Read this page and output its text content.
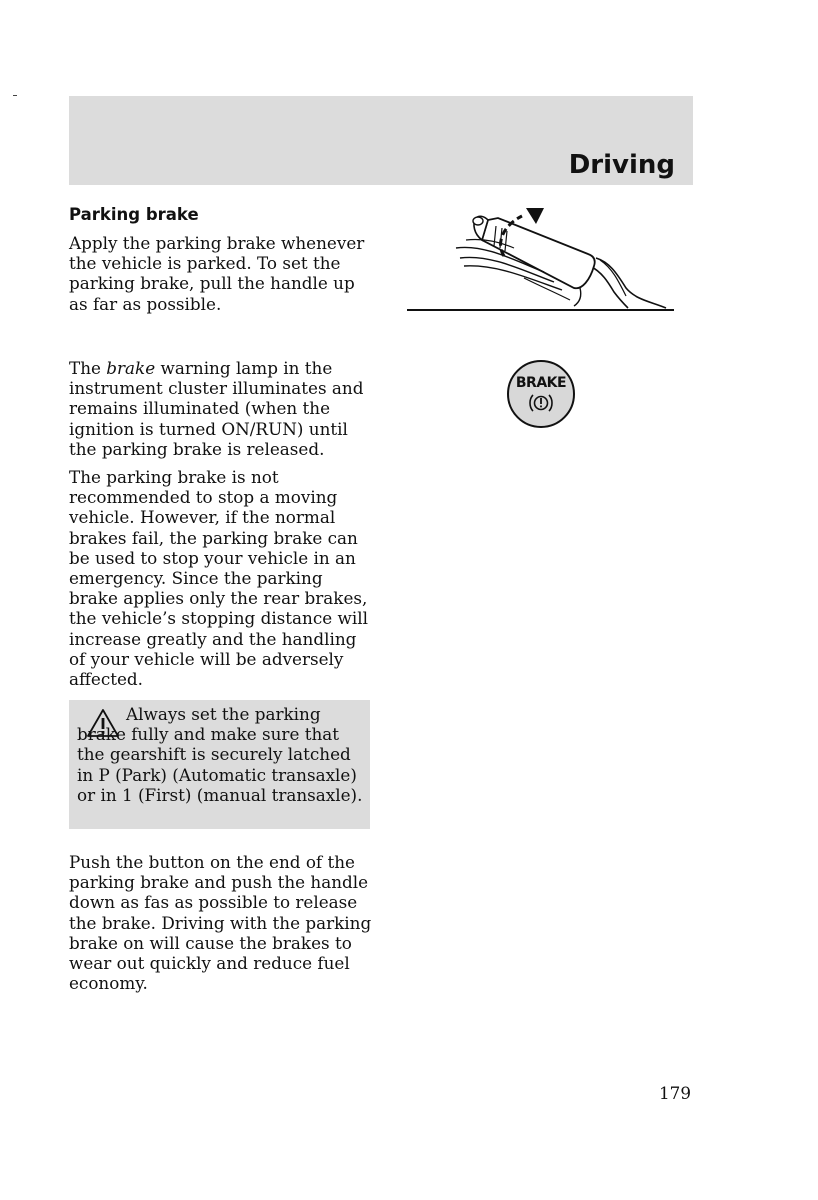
Driving
Parking brake

Apply the parking brake whenever the vehicle is parked. To set the parking brake, pull the handle up as far as possible.

The brake warning lamp in the instrument cluster illuminates and remains illuminated (when the ignition is turned ON/RUN) until the parking brake is released.

The parking brake is not recommended to stop a moving vehicle. However, if the normal brakes fail, the parking brake can be used to stop your vehicle in an emergency. Since the parking brake applies only the rear brakes, the vehicle’s stopping distance will increase greatly and the handling of your vehicle will be adversely affected.

Always set the parking brake fully and make sure that the gearshift is securely latched in P (Park) (Automatic transaxle) or in 1 (First) (manual transaxle).

Push the button on the end of the parking brake and push the handle down as fas as possible to release the brake. Driving with the parking brake on will cause the brakes to wear out quickly and reduce fuel economy.

BRAKE

179
